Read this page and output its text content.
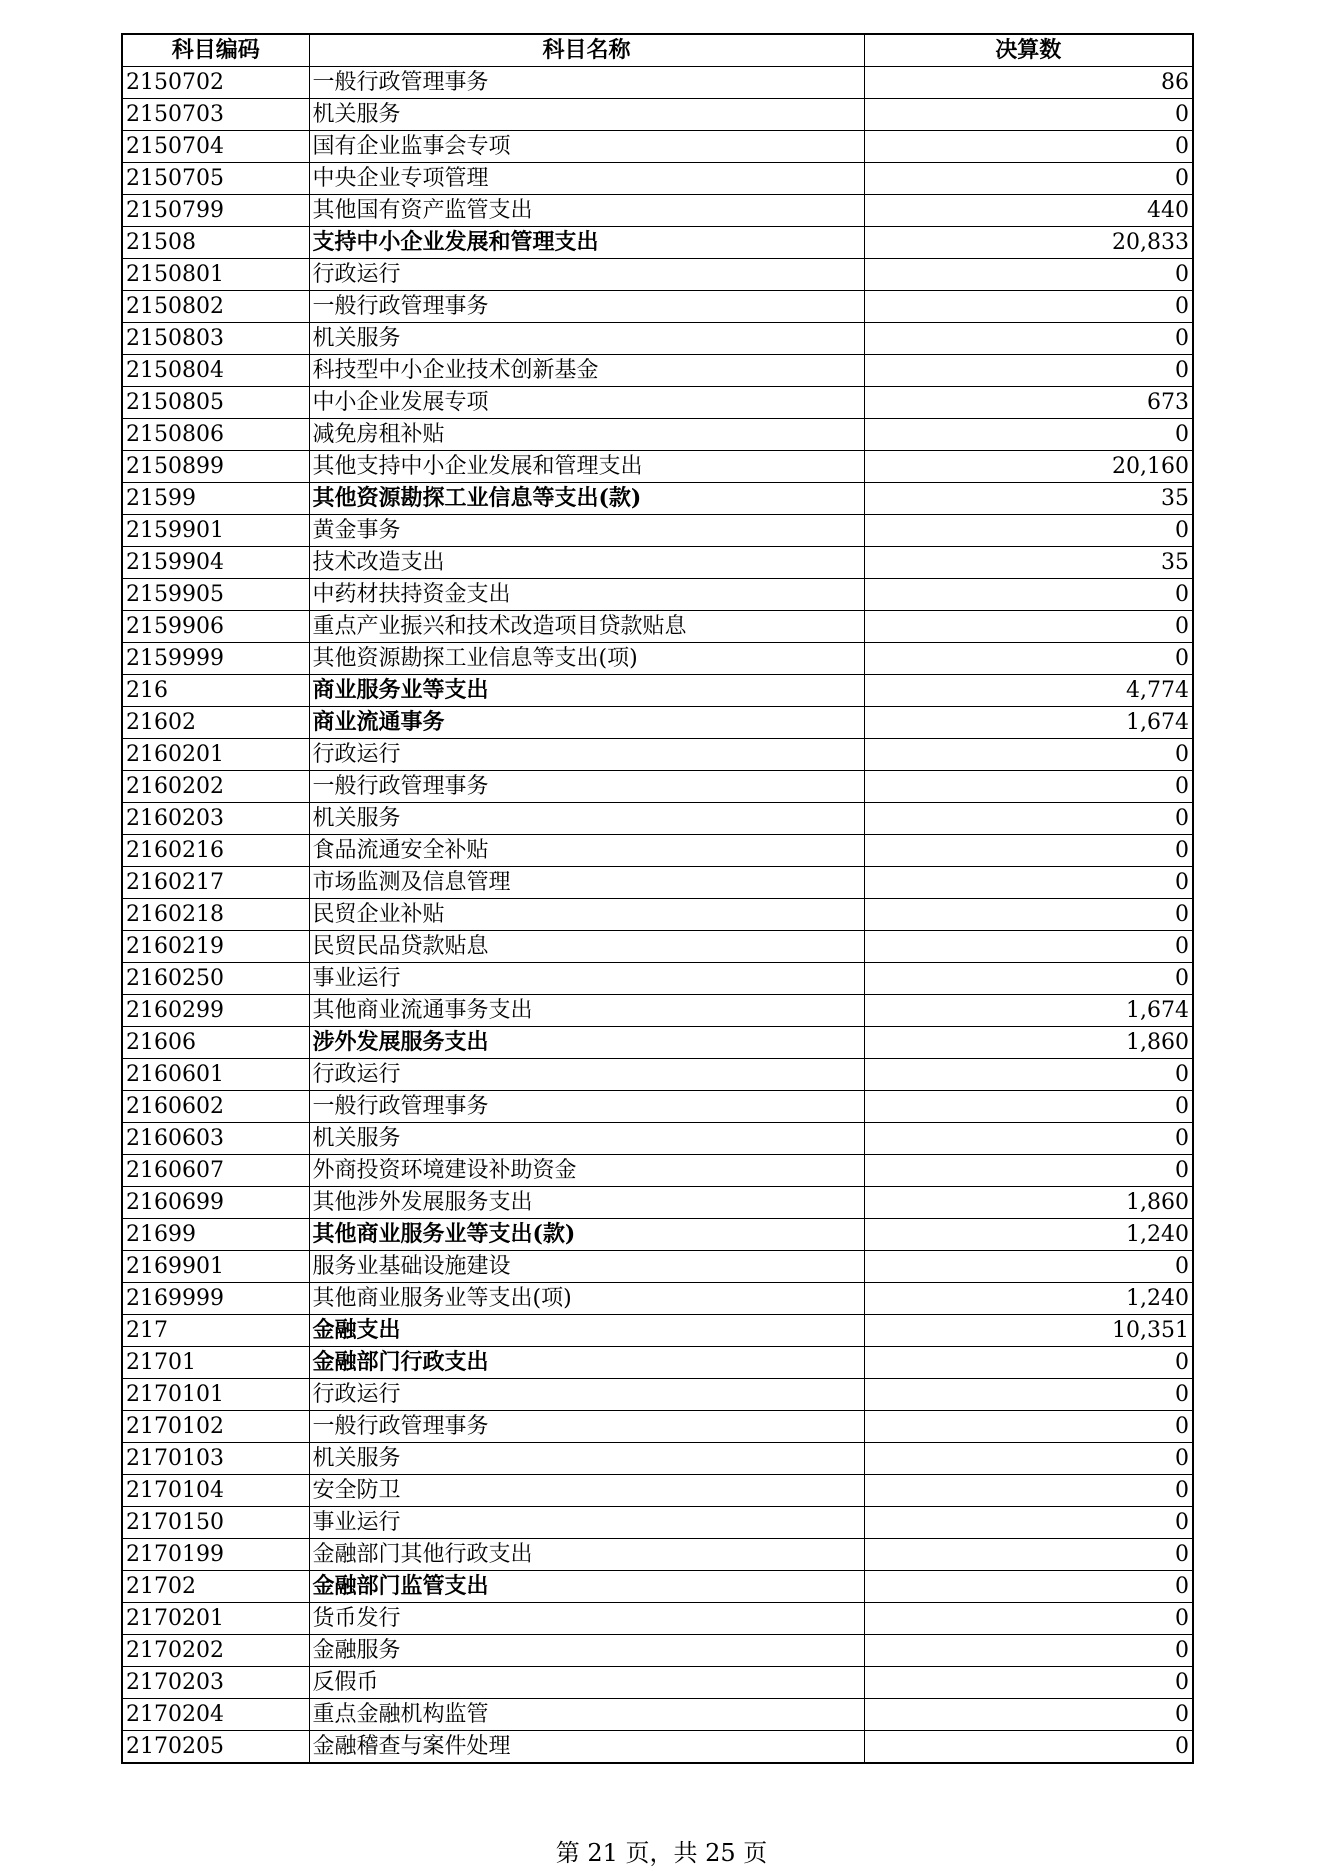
科目编码	科目名称	决算数
2150702	一般行政管理事务	86
2150703	机关服务	0
2150704	国有企业监事会专项	0
2150705	中央企业专项管理	0
2150799	其他国有资产监管支出	440
21508	支持中小企业发展和管理支出	20,833
2150801	行政运行	0
2150802	一般行政管理事务	0
2150803	机关服务	0
2150804	科技型中小企业技术创新基金	0
2150805	中小企业发展专项	673
2150806	减免房租补贴	0
2150899	其他支持中小企业发展和管理支出	20,160
21599	其他资源勘探工业信息等支出(款)	35
2159901	黄金事务	0
2159904	技术改造支出	35
2159905	中药材扶持资金支出	0
2159906	重点产业振兴和技术改造项目贷款贴息	0
2159999	其他资源勘探工业信息等支出(项)	0
216	商业服务业等支出	4,774
21602	商业流通事务	1,674
2160201	行政运行	0
2160202	一般行政管理事务	0
2160203	机关服务	0
2160216	食品流通安全补贴	0
2160217	市场监测及信息管理	0
2160218	民贸企业补贴	0
2160219	民贸民品贷款贴息	0
2160250	事业运行	0
2160299	其他商业流通事务支出	1,674
21606	涉外发展服务支出	1,860
2160601	行政运行	0
2160602	一般行政管理事务	0
2160603	机关服务	0
2160607	外商投资环境建设补助资金	0
2160699	其他涉外发展服务支出	1,860
21699	其他商业服务业等支出(款)	1,240
2169901	服务业基础设施建设	0
2169999	其他商业服务业等支出(项)	1,240
217	金融支出	10,351
21701	金融部门行政支出	0
2170101	行政运行	0
2170102	一般行政管理事务	0
2170103	机关服务	0
2170104	安全防卫	0
2170150	事业运行	0
2170199	金融部门其他行政支出	0
21702	金融部门监管支出	0
2170201	货币发行	0
2170202	金融服务	0
2170203	反假币	0
2170204	重点金融机构监管	0
2170205	金融稽查与案件处理	0
第 21 页，共 25 页
